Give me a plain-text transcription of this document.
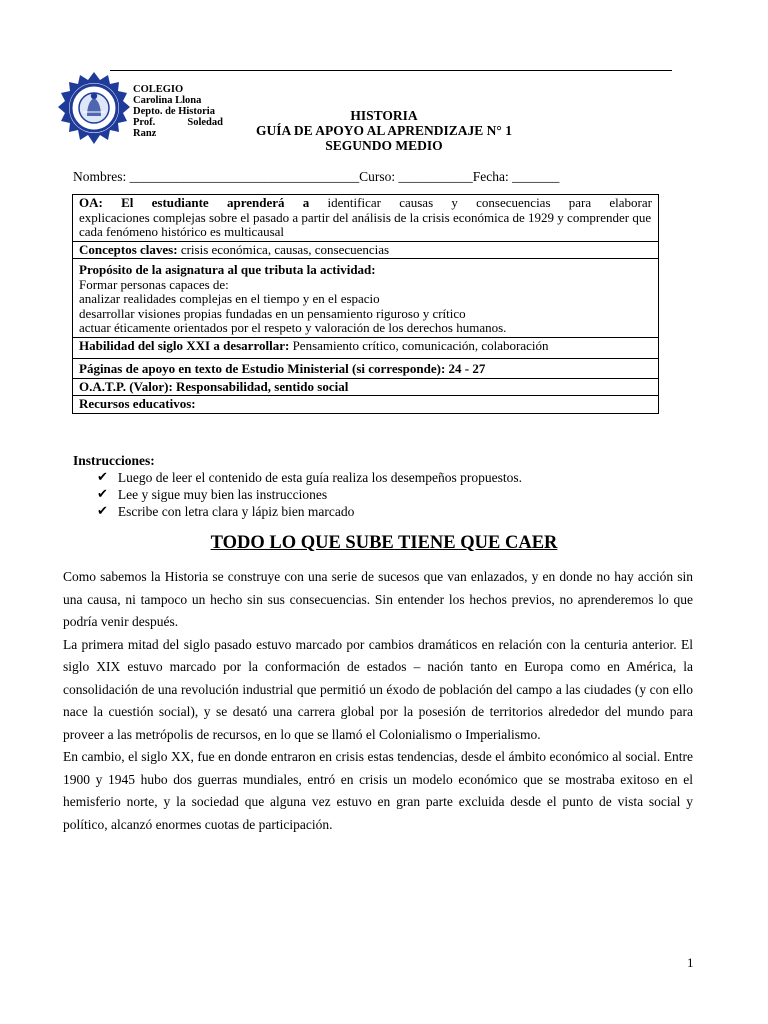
COLEGIO
Carolina Llona
Depto. de Historia
Prof.	Soledad
Ranz
HISTORIA
GUÍA DE APOYO AL APRENDIZAJE N° 1
SEGUNDO MEDIO
Nombres: __________________________________Curso: ___________Fecha: _______
OA: El estudiante aprenderá a identificar causas y consecuencias para elaborar
explicaciones complejas sobre el pasado a partir del análisis de la crisis económica de 1929 y comprender que cada fenómeno histórico es multicausal

Conceptos claves: crisis económica, causas, consecuencias

Propósito de la asignatura al que tributa la actividad:
Formar personas capaces de:
analizar realidades complejas en el tiempo y en el espacio
desarrollar visiones propias fundadas en un pensamiento riguroso y crítico
actuar éticamente orientados por el respeto y valoración de los derechos humanos.

Habilidad del siglo XXI a desarrollar: Pensamiento crítico, comunicación, colaboración
Páginas de apoyo en texto de Estudio Ministerial (si corresponde): 24 - 27
O.A.T.P. (Valor): Responsabilidad, sentido social
Recursos educativos:
Instrucciones:
✔ Luego de leer el contenido de esta guía realiza los desempeños propuestos.
✔ Lee y sigue muy bien las instrucciones
✔ Escribe con letra clara y lápiz bien marcado
TODO LO QUE SUBE TIENE QUE CAER

Como sabemos la Historia se construye con una serie de sucesos que van enlazados, y en donde no hay acción sin una causa, ni tampoco un hecho sin sus consecuencias. Sin entender los hechos previos, no aprenderemos lo que podría venir después.

La primera mitad del siglo pasado estuvo marcado por cambios dramáticos en relación con la centuria anterior. El siglo XIX estuvo marcado por la conformación de estados – nación tanto en Europa como en América, la consolidación de una revolución industrial que permitió un éxodo de población del campo a las ciudades (y con ello nace la cuestión social), y se desató una carrera global por la posesión de territorios alrededor del mundo para proveer a las metrópolis de recursos, en lo que se llamó el Colonialismo o Imperialismo.

En cambio, el siglo XX, fue en donde entraron en crisis estas tendencias, desde el ámbito económico al social. Entre 1900 y 1945 hubo dos guerras mundiales, entró en crisis un modelo económico que se mostraba exitoso en el hemisferio norte, y la sociedad que alguna vez estuvo en gran parte excluida desde el punto de vista social y político, alcanzó enormes cuotas de participación.

1
